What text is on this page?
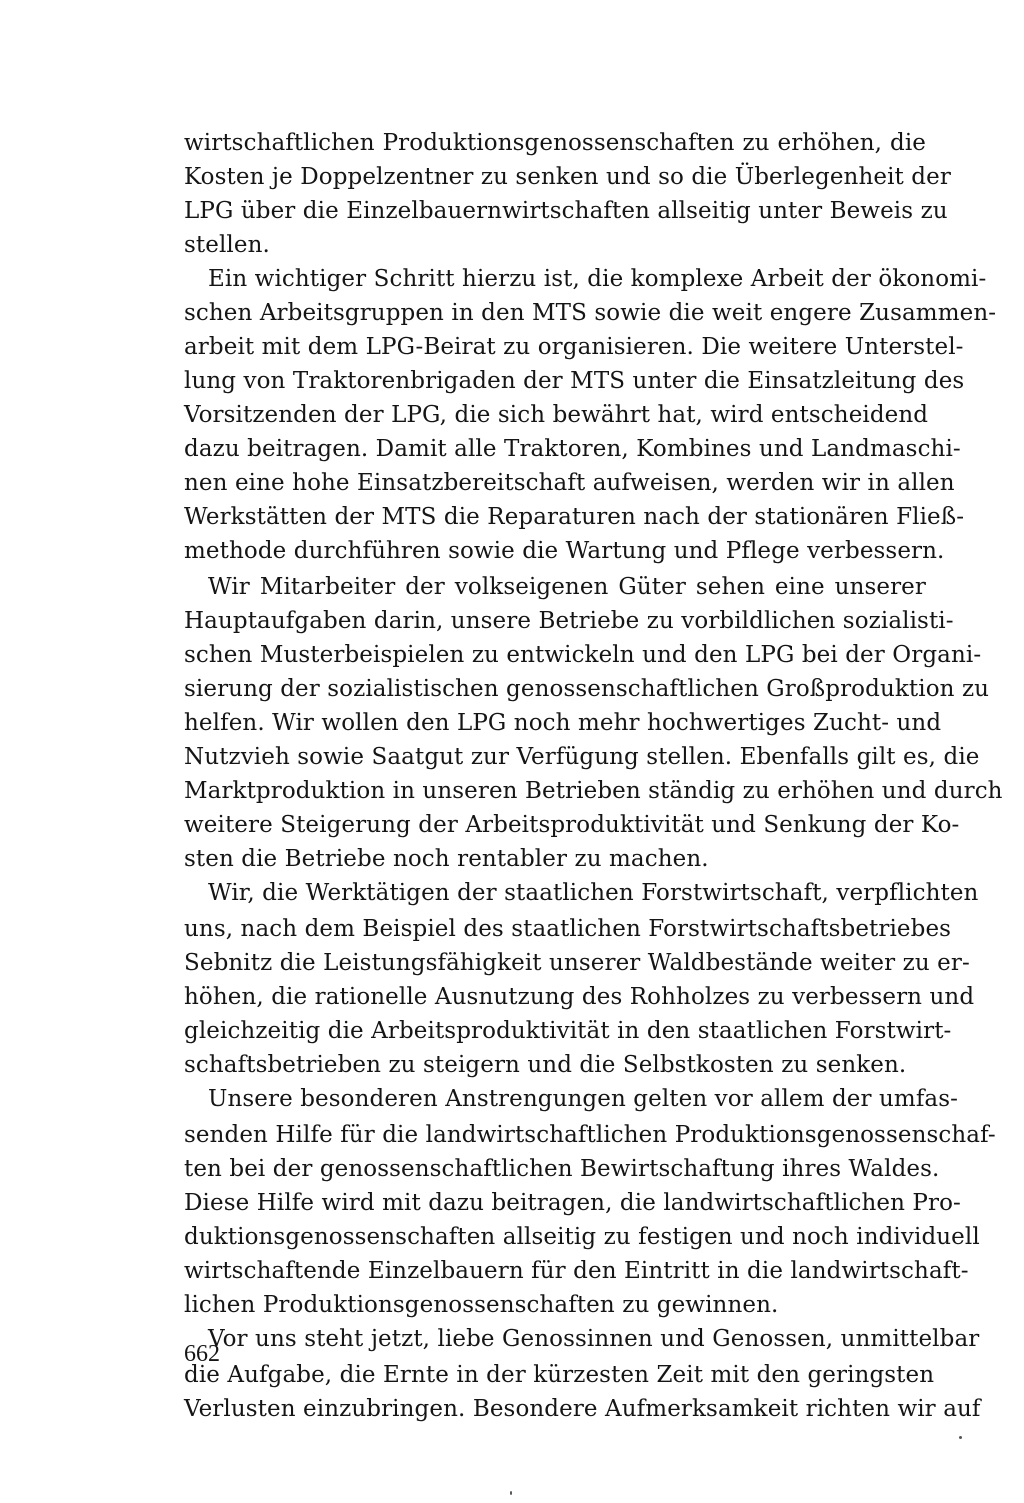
wirtschaftlichen Produktionsgenossenschaften zu erhöhen, die
Kosten je Doppelzentner zu senken und so die Überlegenheit der
LPG über die Einzelbauernwirtschaften allseitig unter Beweis zu
stellen.
Ein wichtiger Schritt hierzu ist, die komplexe Arbeit der ökonomi-
schen Arbeitsgruppen in den MTS sowie die weit engere Zusammen-
arbeit mit dem LPG-Beirat zu organisieren. Die weitere Unterstel-
lung von Traktorenbrigaden der MTS unter die Einsatzleitung des
Vorsitzenden der LPG, die sich bewährt hat, wird entscheidend
dazu beitragen. Damit alle Traktoren, Kombines und Landmaschi-
nen eine hohe Einsatzbereitschaft aufweisen, werden wir in allen
Werkstätten der MTS die Reparaturen nach der stationären Fließ-
methode durchführen sowie die Wartung und Pflege verbessern.
Wir Mitarbeiter der volkseigenen Güter sehen eine unserer
Hauptaufgaben darin, unsere Betriebe zu vorbildlichen sozialisti-
schen Musterbeispielen zu entwickeln und den LPG bei der Organi-
sierung der sozialistischen genossenschaftlichen Großproduktion zu
helfen. Wir wollen den LPG noch mehr hochwertiges Zucht- und
Nutzvieh sowie Saatgut zur Verfügung stellen. Ebenfalls gilt es, die
Marktproduktion in unseren Betrieben ständig zu erhöhen und durch
weitere Steigerung der Arbeitsproduktivität und Senkung der Ko-
sten die Betriebe noch rentabler zu machen.
Wir, die Werktätigen der staatlichen Forstwirtschaft, verpflichten
uns, nach dem Beispiel des staatlichen Forstwirtschaftsbetriebes
Sebnitz die Leistungsfähigkeit unserer Waldbestände weiter zu er-
höhen, die rationelle Ausnutzung des Rohholzes zu verbessern und
gleichzeitig die Arbeitsproduktivität in den staatlichen Forstwirt-
schaftsbetrieben zu steigern und die Selbstkosten zu senken.
Unsere besonderen Anstrengungen gelten vor allem der umfas-
senden Hilfe für die landwirtschaftlichen Produktionsgenossenschaf-
ten bei der genossenschaftlichen Bewirtschaftung ihres Waldes.
Diese Hilfe wird mit dazu beitragen, die landwirtschaftlichen Pro-
duktionsgenossenschaften allseitig zu festigen und noch individuell
wirtschaftende Einzelbauern für den Eintritt in die landwirtschaft-
lichen Produktionsgenossenschaften zu gewinnen.
Vor uns steht jetzt, liebe Genossinnen und Genossen, unmittelbar
die Aufgabe, die Ernte in der kürzesten Zeit mit den geringsten
Verlusten einzubringen. Besondere Aufmerksamkeit richten wir auf
662
